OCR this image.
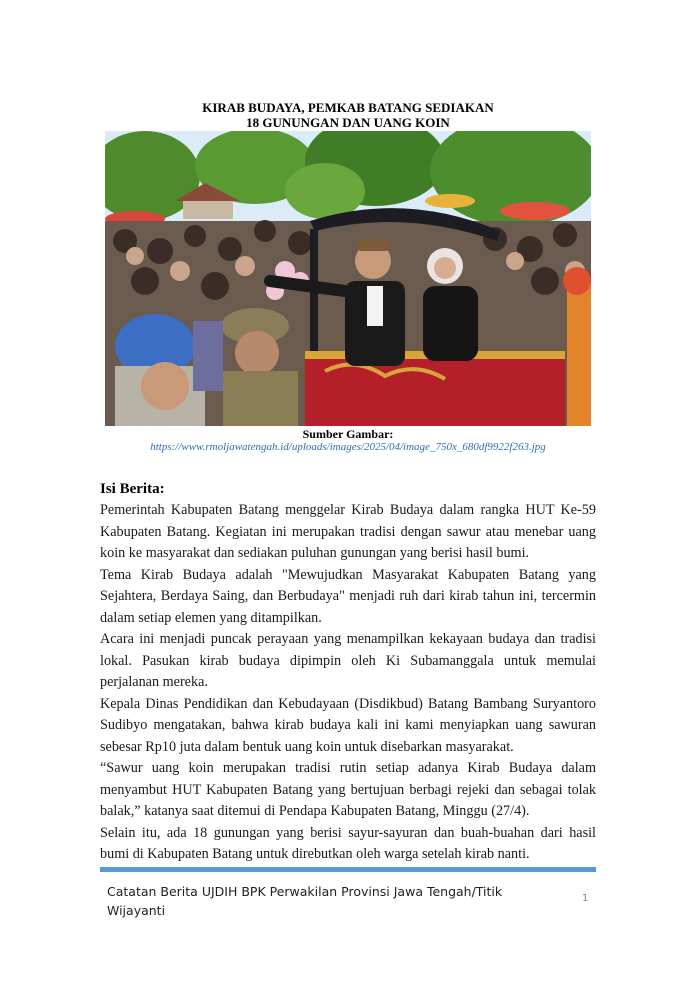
KIRAB BUDAYA, PEMKAB BATANG SEDIAKAN
18 GUNUNGAN DAN UANG KOIN
Sumber Gambar:
https://www.rmoljawatengah.id/uploads/images/2025/04/image_750x_680df9922f263.jpg
Isi Berita:

Pemerintah Kabupaten Batang menggelar Kirab Budaya dalam rangka HUT Ke-59 Kabupaten Batang. Kegiatan ini merupakan tradisi dengan sawur atau menebar uang koin ke masyarakat dan sediakan puluhan gunungan yang berisi hasil bumi.

Tema Kirab Budaya adalah "Mewujudkan Masyarakat Kabupaten Batang yang Sejahtera, Berdaya Saing, dan Berbudaya" menjadi ruh dari kirab tahun ini, tercermin dalam setiap elemen yang ditampilkan.

Acara ini menjadi puncak perayaan yang menampilkan kekayaan budaya dan tradisi lokal. Pasukan kirab budaya dipimpin oleh Ki Subamanggala untuk memulai perjalanan mereka.

Kepala Dinas Pendidikan dan Kebudayaan (Disdikbud) Batang Bambang Suryantoro Sudibyo mengatakan, bahwa kirab budaya kali ini kami menyiapkan uang sawuran sebesar Rp10 juta dalam bentuk uang koin untuk disebarkan masyarakat.

“Sawur uang koin merupakan tradisi rutin setiap adanya Kirab Budaya dalam menyambut HUT Kabupaten Batang yang bertujuan berbagi rejeki dan sebagai tolak balak,” katanya saat ditemui di Pendapa Kabupaten Batang, Minggu (27/4).

Selain itu, ada 18 gunungan yang berisi sayur-sayuran dan buah-buahan dari hasil bumi di Kabupaten Batang untuk direbutkan oleh warga setelah kirab nanti.

Catatan Berita UJDIH BPK Perwakilan Provinsi Jawa Tengah/Titik Wijayanti
1
